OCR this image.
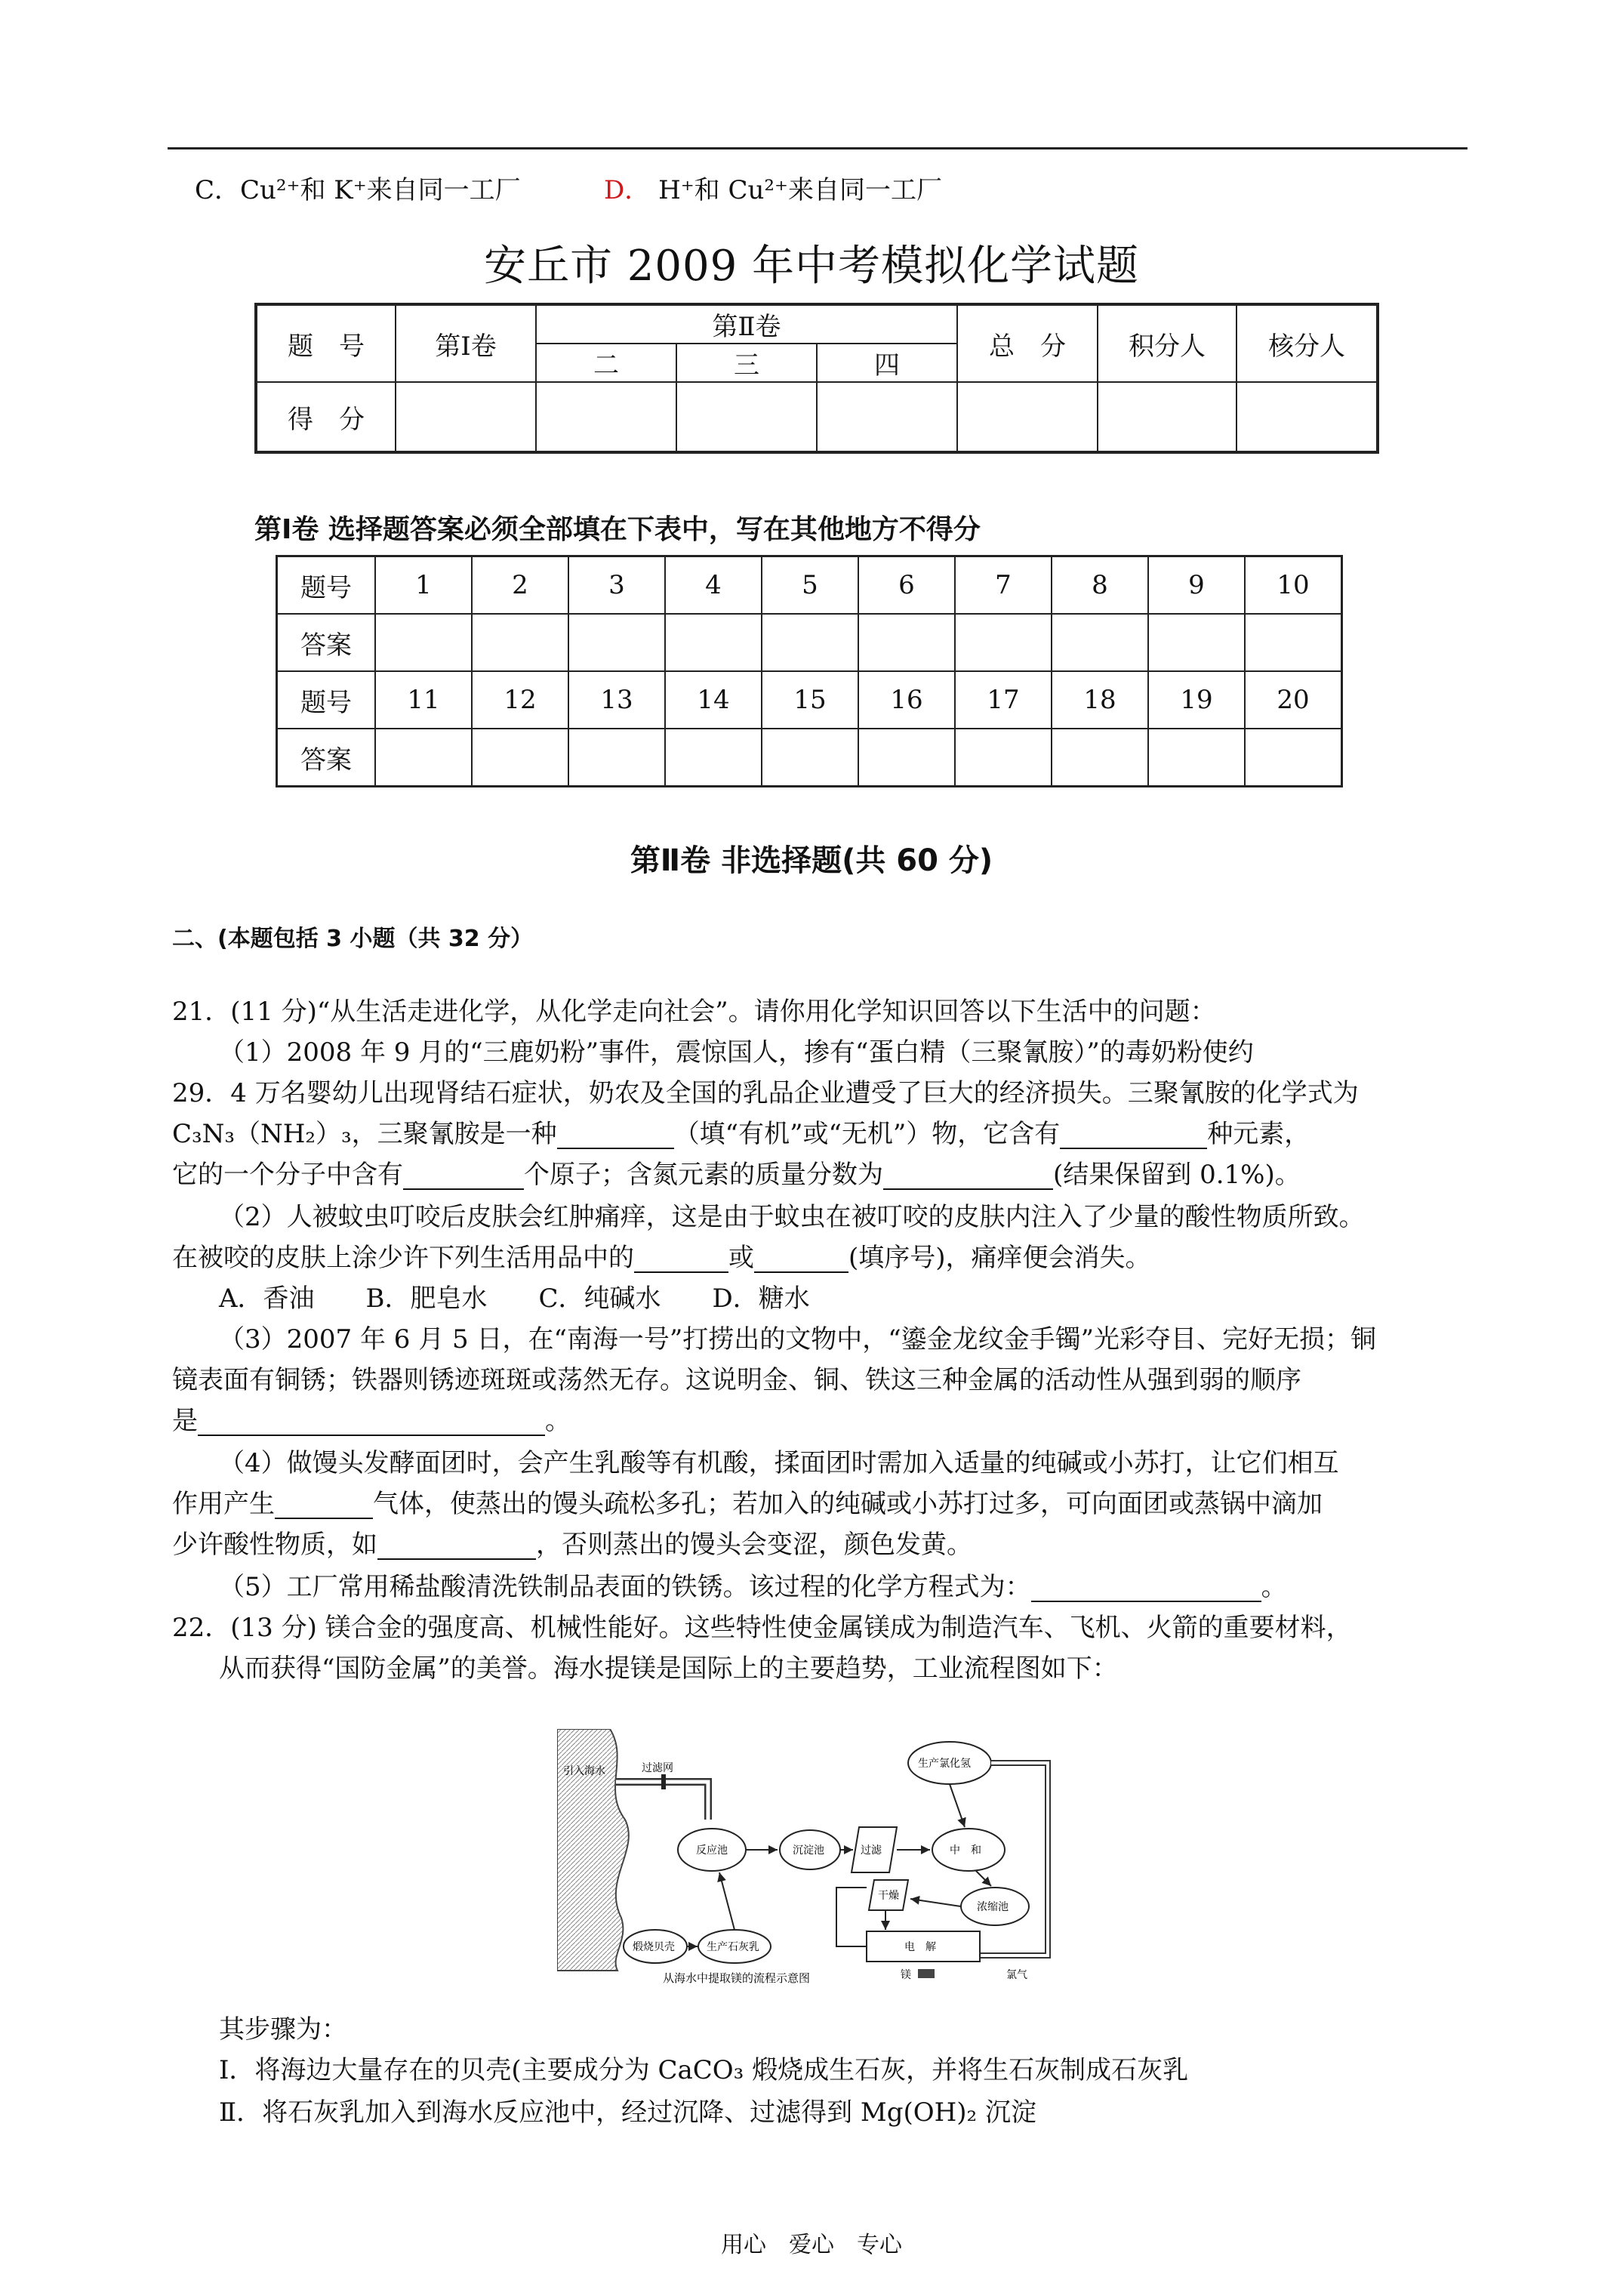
C．Cu²⁺和 K⁺来自同一工厂	D． H⁺和 Cu²⁺来自同一工厂
安丘市 2009 年中考模拟化学试题
题　号	第Ⅰ卷	第Ⅱ卷			总　分	积分人	核分人
		二	三	四			
得　分							
第Ⅰ卷 选择题答案必须全部填在下表中，写在其他地方不得分
题号	1	2	3	4	5	6	7	8	9	10
答案										
题号	11	12	13	14	15	16	17	18	19	20
答案										
第Ⅱ卷 非选择题(共 60 分)
二、(本题包括 3 小题（共 32 分）
21．(11 分)“从生活走进化学，从化学走向社会”。请你用化学知识回答以下生活中的问题：
（1）2008 年 9 月的“三鹿奶粉”事件，震惊国人，掺有“蛋白精（三聚氰胺）”的毒奶粉使约
29．4 万名婴幼儿出现肾结石症状，奶农及全国的乳品企业遭受了巨大的经济损失。三聚氰胺的化学式为
C₃N₃（NH₂）₃，三聚氰胺是一种	（填“有机”或“无机”）物，它含有	种元素，
它的一个分子中含有	个原子；含氮元素的质量分数为	(结果保留到 0.1%)。
（2）人被蚊虫叮咬后皮肤会红肿痛痒，这是由于蚊虫在被叮咬的皮肤内注入了少量的酸性物质所致。
在被咬的皮肤上涂少许下列生活用品中的	或	(填序号)，痛痒便会消失。
A．香油　　B．肥皂水　　C．纯碱水　　D．糖水
（3）2007 年 6 月 5 日，在“南海一号”打捞出的文物中，“鎏金龙纹金手镯”光彩夺目、完好无损；铜
镜表面有铜锈；铁器则锈迹斑斑或荡然无存。这说明金、铜、铁这三种金属的活动性从强到弱的顺序
是	。
（4）做馒头发酵面团时，会产生乳酸等有机酸，揉面团时需加入适量的纯碱或小苏打，让它们相互
作用产生	气体，使蒸出的馒头疏松多孔；若加入的纯碱或小苏打过多，可向面团或蒸锅中滴加
少许酸性物质，如	，否则蒸出的馒头会变涩，颜色发黄。
（5）工厂常用稀盐酸清洗铁制品表面的铁锈。该过程的化学方程式为：	。
22．(13 分) 镁合金的强度高、机械性能好。这些特性使金属镁成为制造汽车、飞机、火箭的重要材料，
从而获得“国防金属”的美誉。海水提镁是国际上的主要趋势，工业流程图如下：
引入海水	过滤网
反应池	沉淀池	过滤	中　和
生产氯化氢
浓缩池
干燥
电　解
煅烧贝壳	生产石灰乳
镁	氯气
从海水中提取镁的流程示意图
其步骤为：
Ⅰ．将海边大量存在的贝壳(主要成分为 CaCO₃ 煅烧成生石灰，并将生石灰制成石灰乳
Ⅱ．将石灰乳加入到海水反应池中，经过沉降、过滤得到 Mg(OH)₂ 沉淀
用心　爱心　专心
